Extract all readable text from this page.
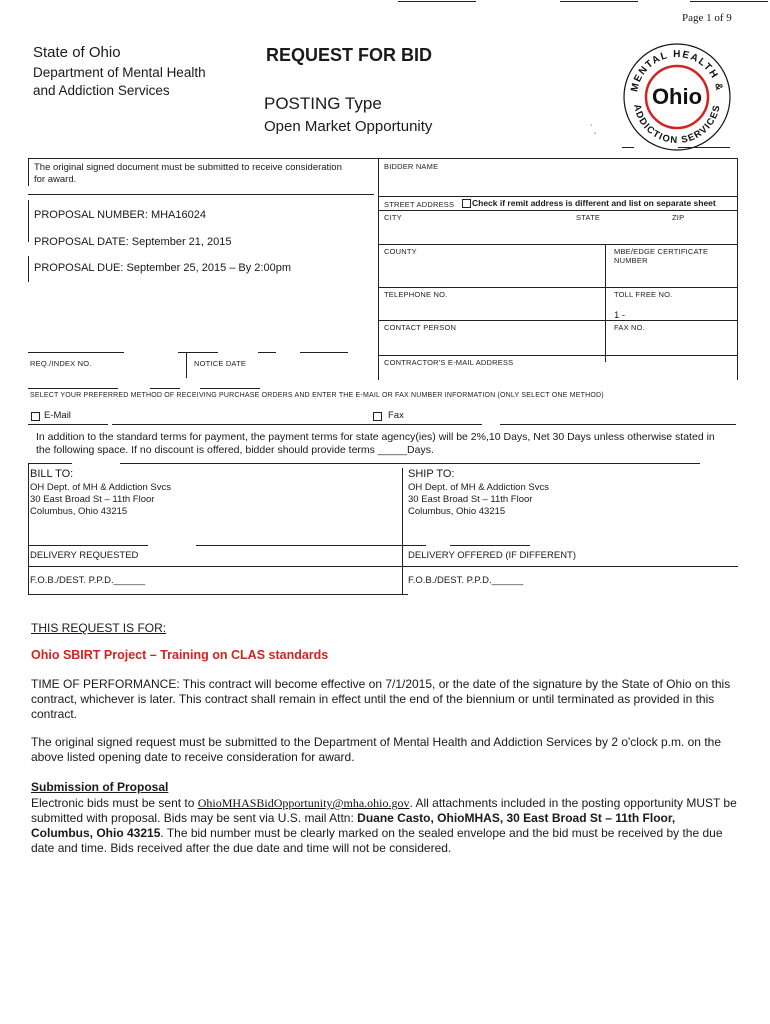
Page 1 of 9
State of Ohio
Department of Mental Health
and Addiction Services
REQUEST FOR BID
POSTING Type
Open Market Opportunity
MENTAL HEALTH &
ADDICTION SERVICES
Ohio
˙ˌ
The original signed document must be submitted to receive consideration for award.
PROPOSAL NUMBER: MHA16024
PROPOSAL DATE: September 21, 2015
PROPOSAL DUE: September 25, 2015 – By 2:00pm
REQ./INDEX NO.	NOTICE DATE
BIDDER NAME
STREET ADDRESS Check if remit address is different and list on separate sheet
CITY	STATE	ZIP
COUNTY	MBE/EDGE CERTIFICATE NUMBER
TELEPHONE NO.	TOLL FREE NO.
1 -
CONTACT PERSON	FAX NO.
CONTRACTOR'S E-MAIL ADDRESS
SELECT YOUR PREFERRED METHOD OF RECEIVING PURCHASE ORDERS AND ENTER THE E-MAIL OR FAX NUMBER INFORMATION (ONLY SELECT ONE METHOD)
E-Mail	Fax
In addition to the standard terms for payment, the payment terms for state agency(ies) will be 2%,10 Days, Net 30 Days unless otherwise stated in the following space. If no discount is offered, bidder should provide terms _____Days.
BILL TO:
OH Dept. of MH & Addiction Svcs
30 East Broad St – 11th Floor
Columbus, Ohio 43215
SHIP TO:
OH Dept. of MH & Addiction Svcs
30 East Broad St – 11th Floor
Columbus, Ohio 43215
DELIVERY REQUESTED	DELIVERY OFFERED (IF DIFFERENT)
F.O.B./DEST. P.P.D.______	F.O.B./DEST. P.P.D.______
THIS REQUEST IS FOR:
Ohio SBIRT Project – Training on CLAS standards
TIME OF PERFORMANCE: This contract will become effective on 7/1/2015, or the date of the signature by the State of Ohio on this contract, whichever is later. This contract shall remain in effect until the end of the biennium or until terminated as provided in this contract.
The original signed request must be submitted to the Department of Mental Health and Addiction Services by 2 o'clock p.m. on the above listed opening date to receive consideration for award.
Submission of Proposal
Electronic bids must be sent to OhioMHASBidOpportunity@mha.ohio.gov. All attachments included in the posting opportunity MUST be submitted with proposal. Bids may be sent via U.S. mail Attn: Duane Casto, OhioMHAS, 30 East Broad St – 11th Floor, Columbus, Ohio 43215. The bid number must be clearly marked on the sealed envelope and the bid must be received by the due date and time. Bids received after the due date and time will not be considered.
